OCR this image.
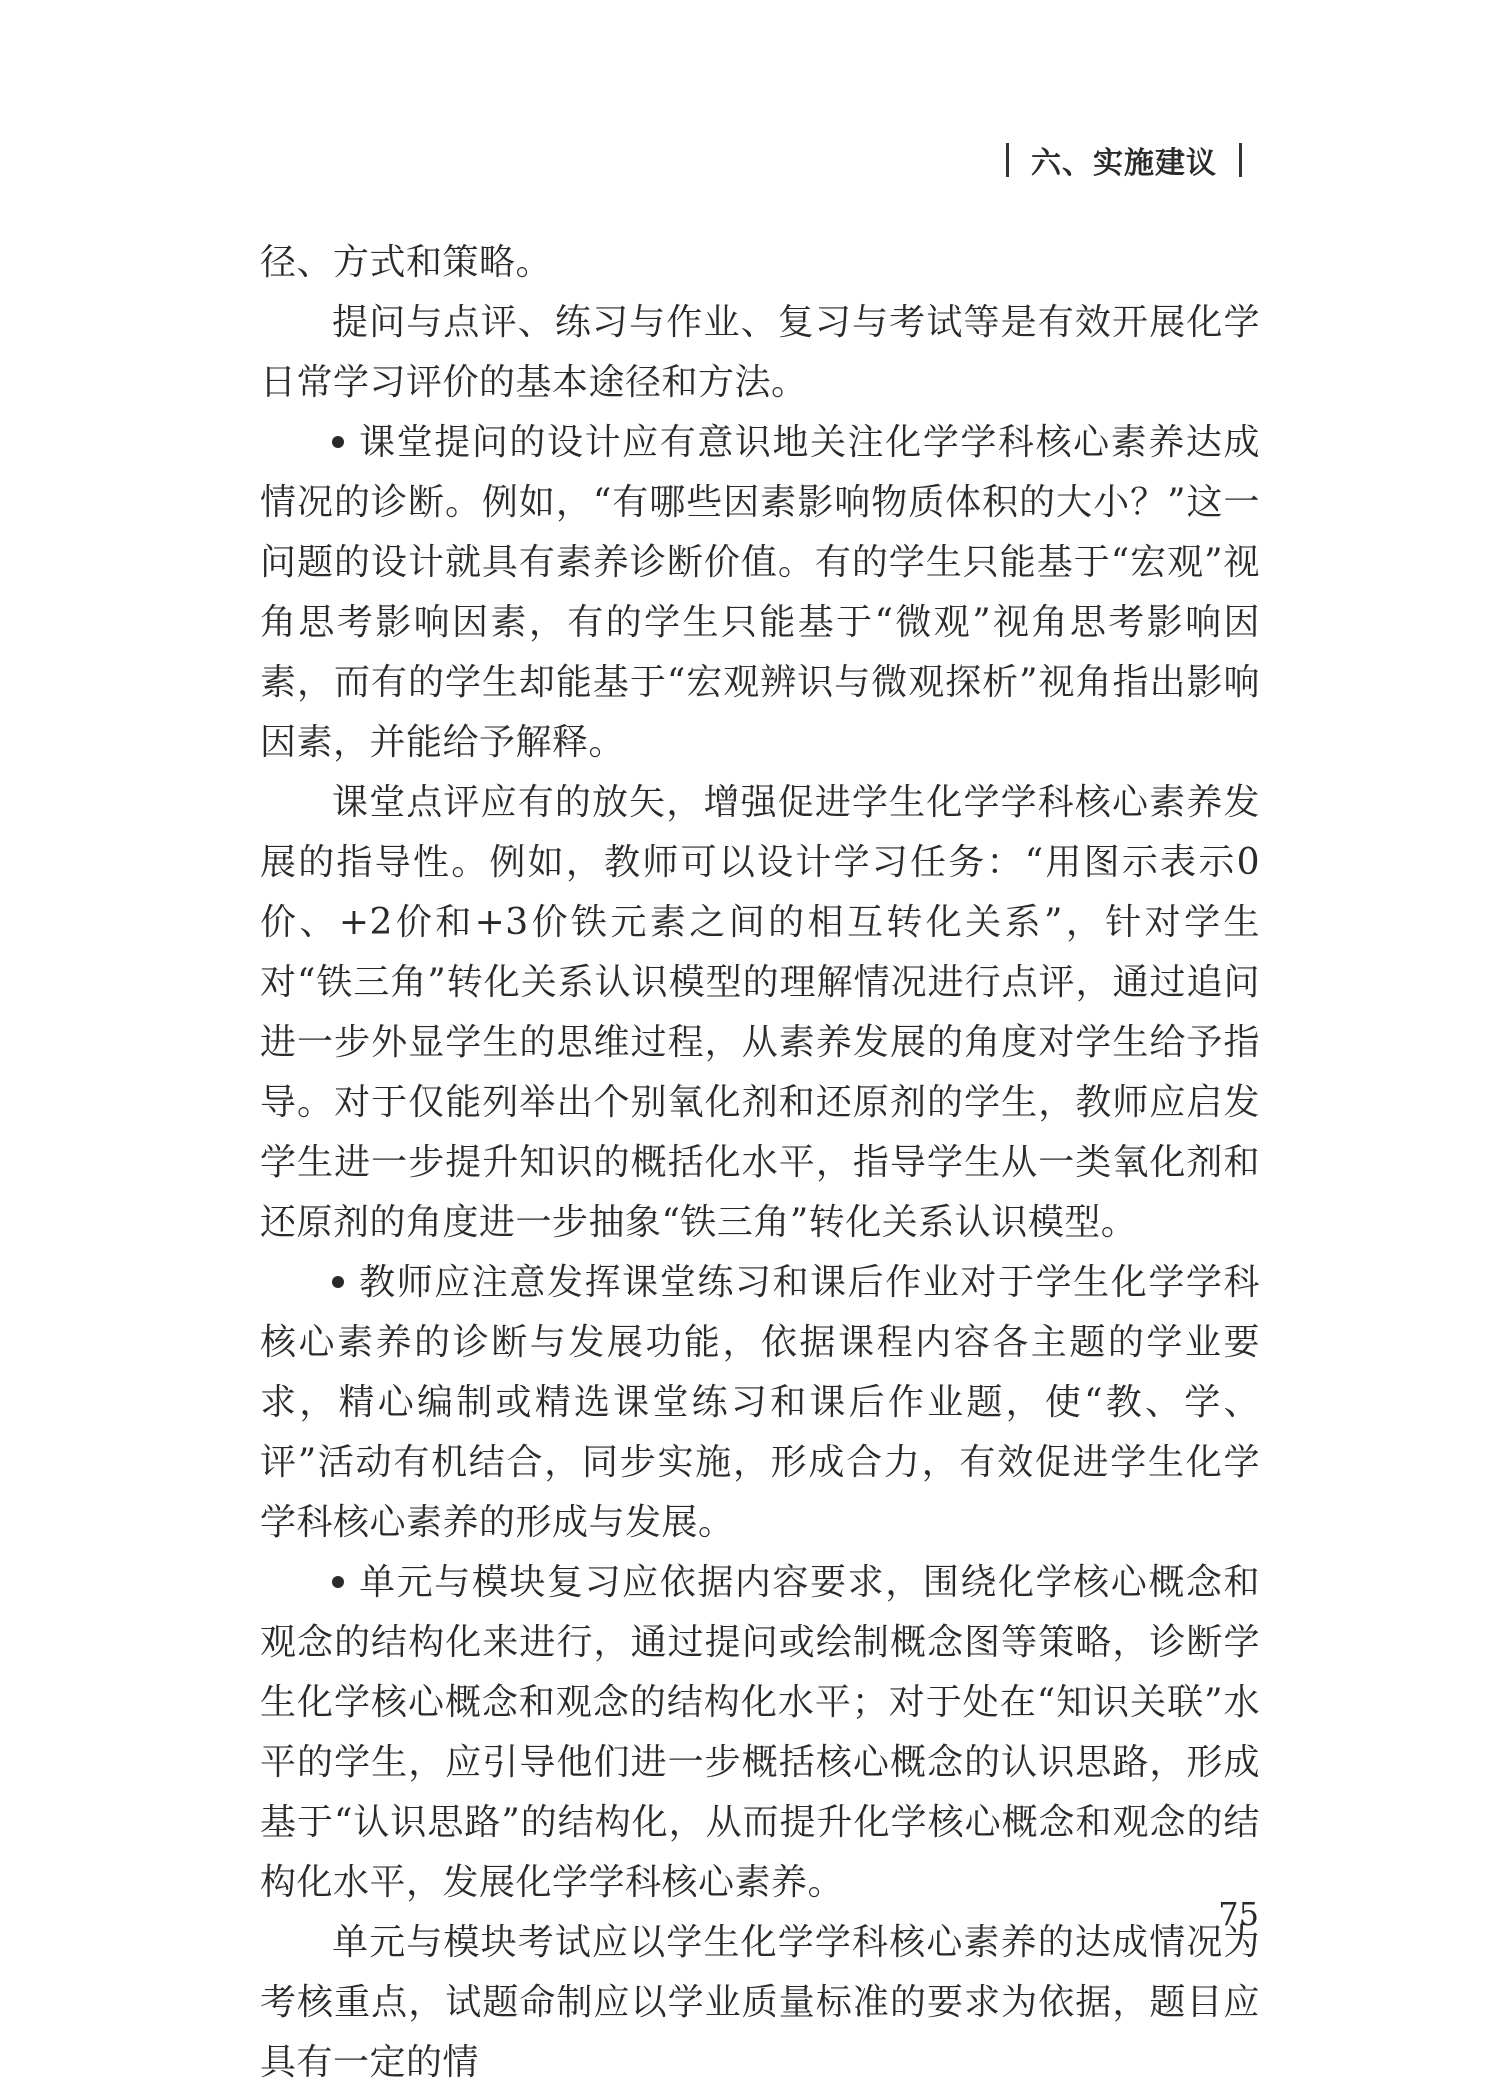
六、实施建议

径、方式和策略。

提问与点评、练习与作业、复习与考试等是有效开展化学日常学习评价的基本途径和方法。

课堂提问的设计应有意识地关注化学学科核心素养达成情况的诊断。例如，“有哪些因素影响物质体积的大小？”这一问题的设计就具有素养诊断价值。有的学生只能基于“宏观”视角思考影响因素，有的学生只能基于“微观”视角思考影响因素，而有的学生却能基于“宏观辨识与微观探析”视角指出影响因素，并能给予解释。

课堂点评应有的放矢，增强促进学生化学学科核心素养发展的指导性。例如，教师可以设计学习任务：“用图示表示0价、+2价和+3价铁元素之间的相互转化关系”，针对学生对“铁三角”转化关系认识模型的理解情况进行点评，通过追问进一步外显学生的思维过程，从素养发展的角度对学生给予指导。对于仅能列举出个别氧化剂和还原剂的学生，教师应启发学生进一步提升知识的概括化水平，指导学生从一类氧化剂和还原剂的角度进一步抽象“铁三角”转化关系认识模型。

教师应注意发挥课堂练习和课后作业对于学生化学学科核心素养的诊断与发展功能，依据课程内容各主题的学业要求，精心编制或精选课堂练习和课后作业题，使“教、学、评”活动有机结合，同步实施，形成合力，有效促进学生化学学科核心素养的形成与发展。

单元与模块复习应依据内容要求，围绕化学核心概念和观念的结构化来进行，通过提问或绘制概念图等策略，诊断学生化学核心概念和观念的结构化水平；对于处在“知识关联”水平的学生，应引导他们进一步概括核心概念的认识思路，形成基于“认识思路”的结构化，从而提升化学核心概念和观念的结构化水平，发展化学学科核心素养。

单元与模块考试应以学生化学学科核心素养的达成情况为考核重点，试题命制应以学业质量标准的要求为依据，题目应具有一定的情

75
